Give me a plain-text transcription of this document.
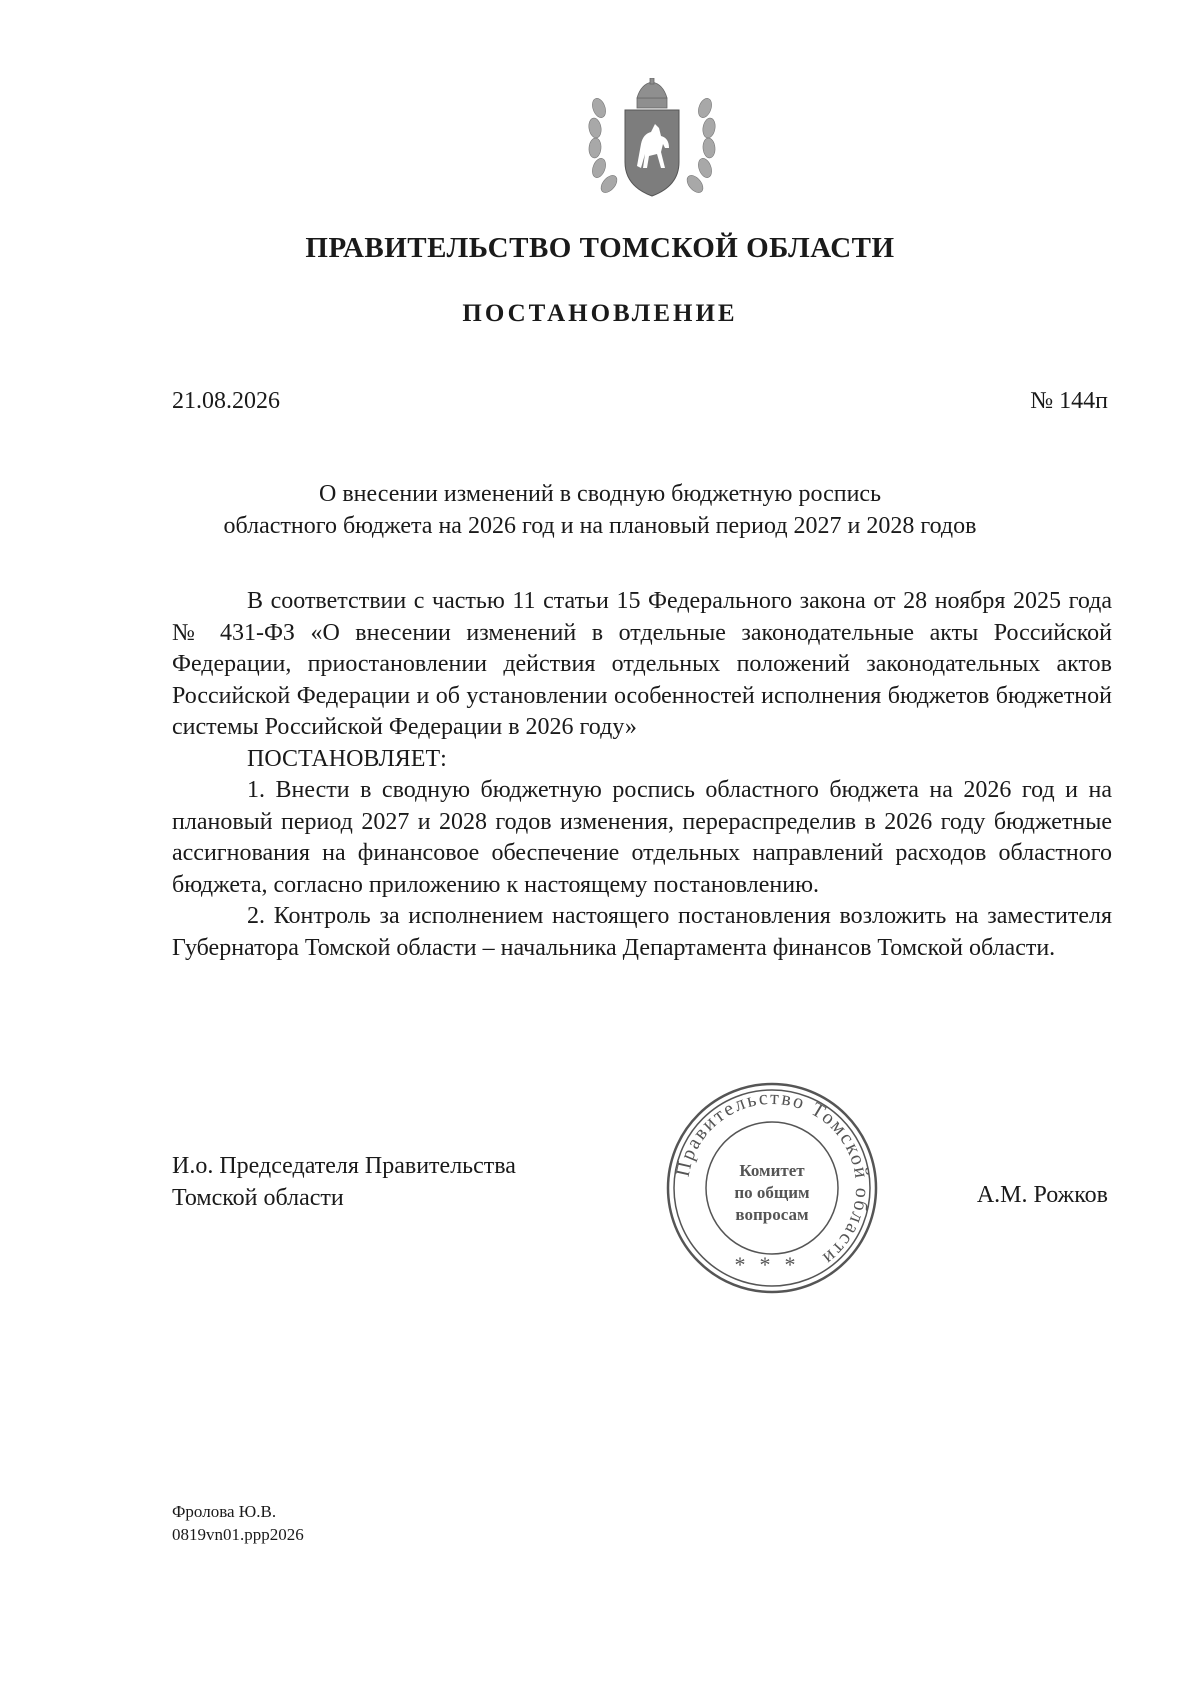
ПРАВИТЕЛЬСТВО ТОМСКОЙ ОБЛАСТИ
ПОСТАНОВЛЕНИЕ
21.08.2026	№ 144п
О внесении изменений в сводную бюджетную роспись
областного бюджета на 2026 год и на плановый период 2027 и 2028 годов

В соответствии с частью 11 статьи 15 Федерального закона от 28 ноября 2025 года № 431-ФЗ «О внесении изменений в отдельные законодательные акты Российской Федерации, приостановлении действия отдельных положений законодательных актов Российской Федерации и об установлении особенностей исполнения бюджетов бюджетной системы Российской Федерации в 2026 году»

ПОСТАНОВЛЯЕТ:

1. Внести в сводную бюджетную роспись областного бюджета на 2026 год и на плановый период 2027 и 2028 годов изменения, перераспределив в 2026 году бюджетные ассигнования на финансовое обеспечение отдельных направлений расходов областного бюджета, согласно приложению к настоящему постановлению.

2. Контроль за исполнением настоящего постановления возложить на заместителя Губернатора Томской области – начальника Департамента финансов Томской области.

И.о. Председателя Правительства
Томской области
Правительство Томской области
Комитет
по общим
вопросам
***
А.М. Рожков
Фролова Ю.В.
0819vn01.ppp2026
